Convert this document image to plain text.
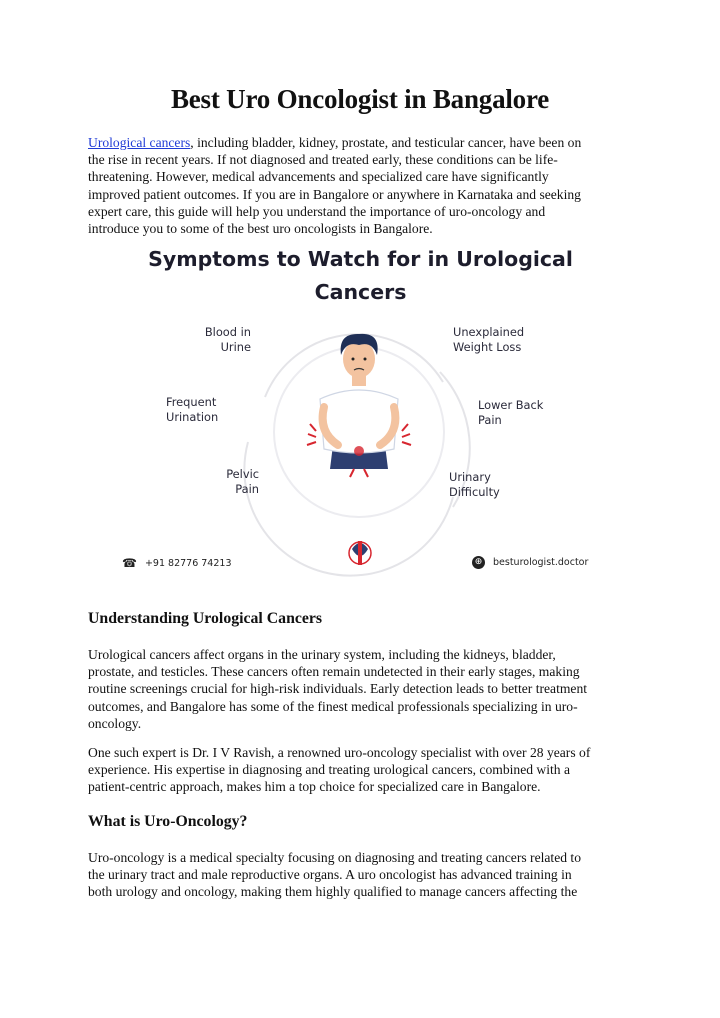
Best Uro Oncologist in Bangalore
Urological cancers, including bladder, kidney, prostate, and testicular cancer, have been on
the rise in recent years. If not diagnosed and treated early, these conditions can be life-
threatening. However, medical advancements and specialized care have significantly
improved patient outcomes. If you are in Bangalore or anywhere in Karnataka and seeking
expert care, this guide will help you understand the importance of uro-oncology and
introduce you to some of the best uro oncologists in Bangalore.
Symptoms to Watch for in Urological
Cancers
Blood in
Urine
Frequent
Urination
Pelvic
Pain
Unexplained
Weight Loss
Lower Back
Pain
Urinary
Difficulty
☎ +91 82776 74213	⊕ besturologist.doctor
Understanding Urological Cancers
Urological cancers affect organs in the urinary system, including the kidneys, bladder,
prostate, and testicles. These cancers often remain undetected in their early stages, making
routine screenings crucial for high-risk individuals. Early detection leads to better treatment
outcomes, and Bangalore has some of the finest medical professionals specializing in uro-
oncology.
One such expert is Dr. I V Ravish, a renowned uro-oncology specialist with over 28 years of
experience. His expertise in diagnosing and treating urological cancers, combined with a
patient-centric approach, makes him a top choice for specialized care in Bangalore.
What is Uro-Oncology?
Uro-oncology is a medical specialty focusing on diagnosing and treating cancers related to
the urinary tract and male reproductive organs. A uro oncologist has advanced training in
both urology and oncology, making them highly qualified to manage cancers affecting the
